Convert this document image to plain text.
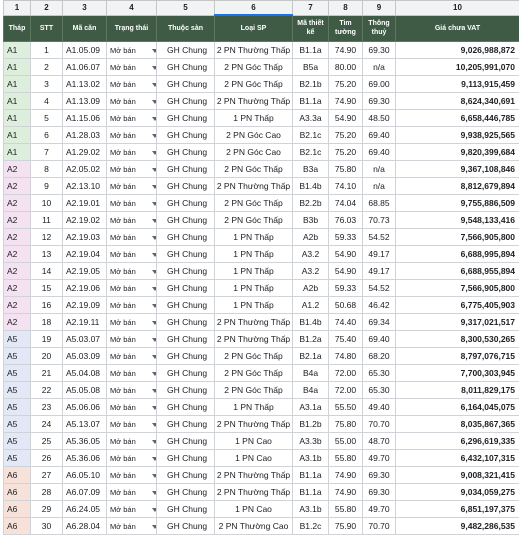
1	2	3	4	5	6	7	8	9	10
Tháp	STT	Mã căn	Trạng thái	Thuộc sàn	Loại SP	Mã thiết kế	Tim tường	Thông thuỷ	Giá chưa VAT
A1	1	A1.05.09	Mở bán	GH Chung	2 PN Thường Thấp	B1.1a	74.90	69.30	9,026,988,872
A1	2	A1.06.07	Mở bán	GH Chung	2 PN Góc Thấp	B5a	80.00	n/a	10,205,991,070
A1	3	A1.13.02	Mở bán	GH Chung	2 PN Góc Thấp	B2.1b	75.20	69.00	9,113,915,459
A1	4	A1.13.09	Mở bán	GH Chung	2 PN Thường Thấp	B1.1a	74.90	69.30	8,624,340,691
A1	5	A1.15.06	Mở bán	GH Chung	1 PN Thấp	A3.3a	54.90	48.50	6,658,446,785
A1	6	A1.28.03	Mở bán	GH Chung	2 PN Góc Cao	B2.1c	75.20	69.40	9,938,925,565
A1	7	A1.29.02	Mở bán	GH Chung	2 PN Góc Cao	B2.1c	75.20	69.40	9,820,399,684
A2	8	A2.05.02	Mở bán	GH Chung	2 PN Góc Thấp	B3a	75.80	n/a	9,367,108,846
A2	9	A2.13.10	Mở bán	GH Chung	2 PN Thường Thấp	B1.4b	74.10	n/a	8,812,679,894
A2	10	A2.19.01	Mở bán	GH Chung	2 PN Góc Thấp	B2.2b	74.04	68.85	9,755,886,509
A2	11	A2.19.02	Mở bán	GH Chung	2 PN Góc Thấp	B3b	76.03	70.73	9,548,133,416
A2	12	A2.19.03	Mở bán	GH Chung	1 PN Thấp	A2b	59.33	54.52	7,566,905,800
A2	13	A2.19.04	Mở bán	GH Chung	1 PN Thấp	A3.2	54.90	49.17	6,688,995,894
A2	14	A2.19.05	Mở bán	GH Chung	1 PN Thấp	A3.2	54.90	49.17	6,688,955,894
A2	15	A2.19.06	Mở bán	GH Chung	1 PN Thấp	A2b	59.33	54.52	7,566,905,800
A2	16	A2.19.09	Mở bán	GH Chung	1 PN Thấp	A1.2	50.68	46.42	6,775,405,903
A2	18	A2.19.11	Mở bán	GH Chung	2 PN Thường Thấp	B1.4b	74.40	69.34	9,317,021,517
A5	19	A5.03.07	Mở bán	GH Chung	2 PN Thường Thấp	B1.2a	75.40	69.40	8,300,530,265
A5	20	A5.03.09	Mở bán	GH Chung	2 PN Góc Thấp	B2.1a	74.80	68.20	8,797,076,715
A5	21	A5.04.08	Mở bán	GH Chung	2 PN Góc Thấp	B4a	72.00	65.30	7,700,303,945
A5	22	A5.05.08	Mở bán	GH Chung	2 PN Góc Thấp	B4a	72.00	65.30	8,011,829,175
A5	23	A5.06.06	Mở bán	GH Chung	1 PN Thấp	A3.1a	55.50	49.40	6,164,045,075
A5	24	A5.13.07	Mở bán	GH Chung	2 PN Thường Thấp	B1.2b	75.80	70.70	8,035,867,365
A5	25	A5.36.05	Mở bán	GH Chung	1 PN Cao	A3.3b	55.00	48.70	6,296,619,335
A5	26	A5.36.06	Mở bán	GH Chung	1 PN Cao	A3.1b	55.80	49.70	6,432,107,315
A6	27	A6.05.10	Mở bán	GH Chung	2 PN Thường Thấp	B1.1a	74.90	69.30	9,008,321,415
A6	28	A6.07.09	Mở bán	GH Chung	2 PN Thường Thấp	B1.1a	74.90	69.30	9,034,059,275
A6	29	A6.24.05	Mở bán	GH Chung	1 PN Cao	A3.1b	55.80	49.70	6,851,197,375
A6	30	A6.28.04	Mở bán	GH Chung	2 PN Thường Cao	B1.2c	75.90	70.70	9,482,286,535
